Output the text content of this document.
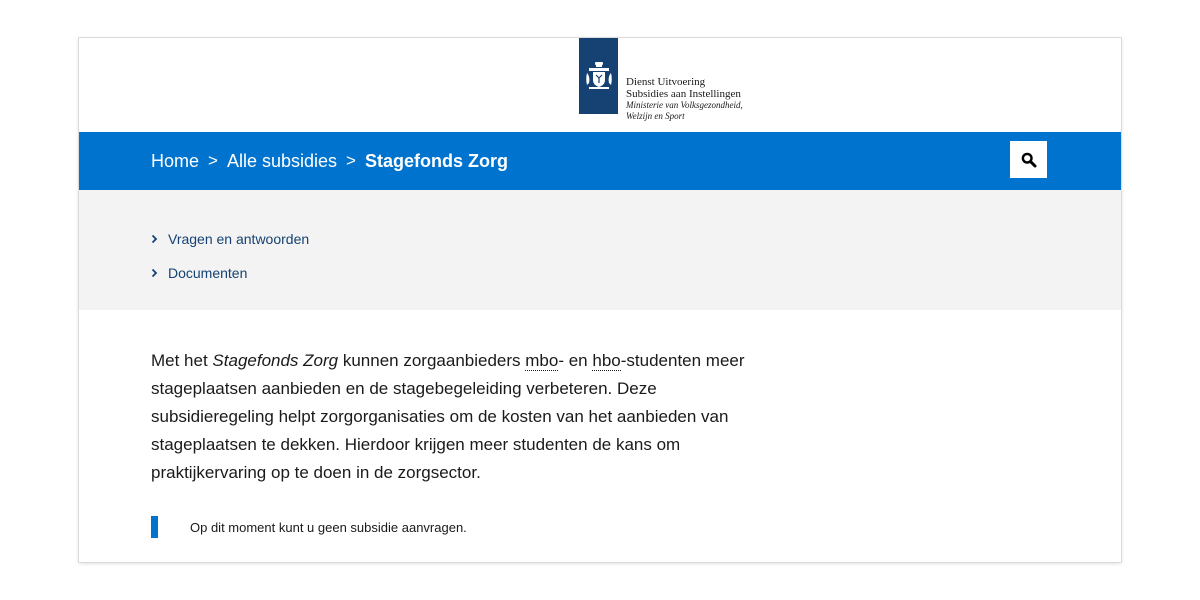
Dienst Uitvoering
Subsidies aan Instellingen
Ministerie van Volksgezondheid,
Welzijn en Sport
Home > Alle subsidies > Stagefonds Zorg
Vragen en antwoorden
Documenten

Met het Stagefonds Zorg kunnen zorgaanbieders mbo- en hbo-studenten meer stageplaatsen aanbieden en de stagebegeleiding verbeteren. Deze subsidieregeling helpt zorgorganisaties om de kosten van het aanbieden van stageplaatsen te dekken. Hierdoor krijgen meer studenten de kans om praktijkervaring op te doen in de zorgsector.

Op dit moment kunt u geen subsidie aanvragen.
